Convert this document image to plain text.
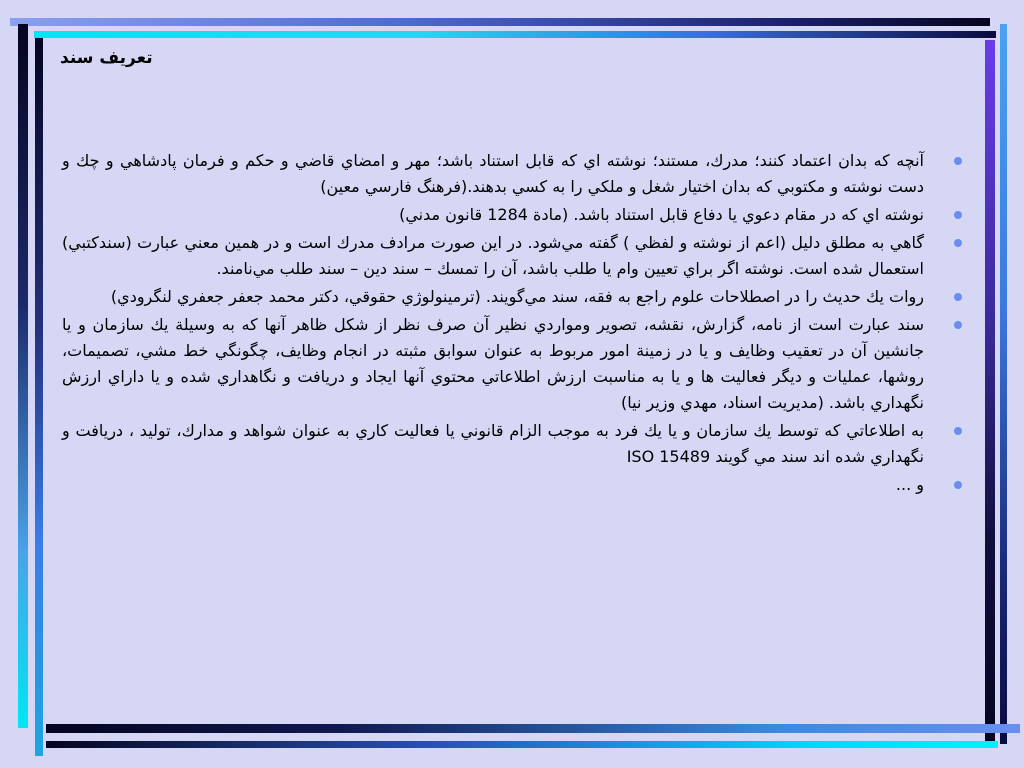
تعريف سند
آنچه كه بدان اعتماد كنند؛ مدرك، مستند؛ نوشته اي كه قابل استناد باشد؛ مهر و امضاي قاضي و حكم و فرمان پادشاهي و چك و دست نوشته و مكتوبي كه بدان اختيار شغل و ملكي را به كسي بدهند.(فرهنگ فارسي معين)
نوشته اي كه در مقام دعوي يا دفاع قابل استناد باشد. (مادة 1284 قانون مدني)
گاهي به مطلق دليل (اعم از نوشته و لفظي ) گفته مي‌شود. در اين صورت مرادف مدرك است و در همين معني عبارت (سندكتبي) استعمال شده است. نوشته اگر براي تعيين وام يا طلب باشد، آن را تمسك – سند دين – سند طلب مي‌نامند.
روات يك حديث را در اصطلاحات علوم راجع به فقه، سند مي‌گويند. (ترمينولوژي حقوقي، دكتر محمد جعفر جعفري لنگرودي)
سند عبارت است از نامه، گزارش، نقشه، تصوير ومواردي نظير آن صرف نظر از شكل ظاهر آنها كه به وسيلة يك سازمان و يا جانشين آن در تعقيب وظايف و يا در زمينة امور مربوط به عنوان سوابق مثبته در انجام وظايف، چگونگي خط مشي، تصميمات، روشها، عمليات و ديگر فعاليت ها و يا به مناسبت ارزش اطلاعاتي محتوي آنها ايجاد و دريافت و نگاهداري شده و يا داراي ارزش نگهداري باشد. (مديريت اسناد، مهدي وزير نيا)
به اطلاعاتي كه توسط يك سازمان و يا يك فرد به موجب الزام قانوني يا فعاليت كاري به عنوان شواهد و مدارك، توليد ، دريافت و نگهداري شده اند سند مي گويند ISO 15489
و ...
